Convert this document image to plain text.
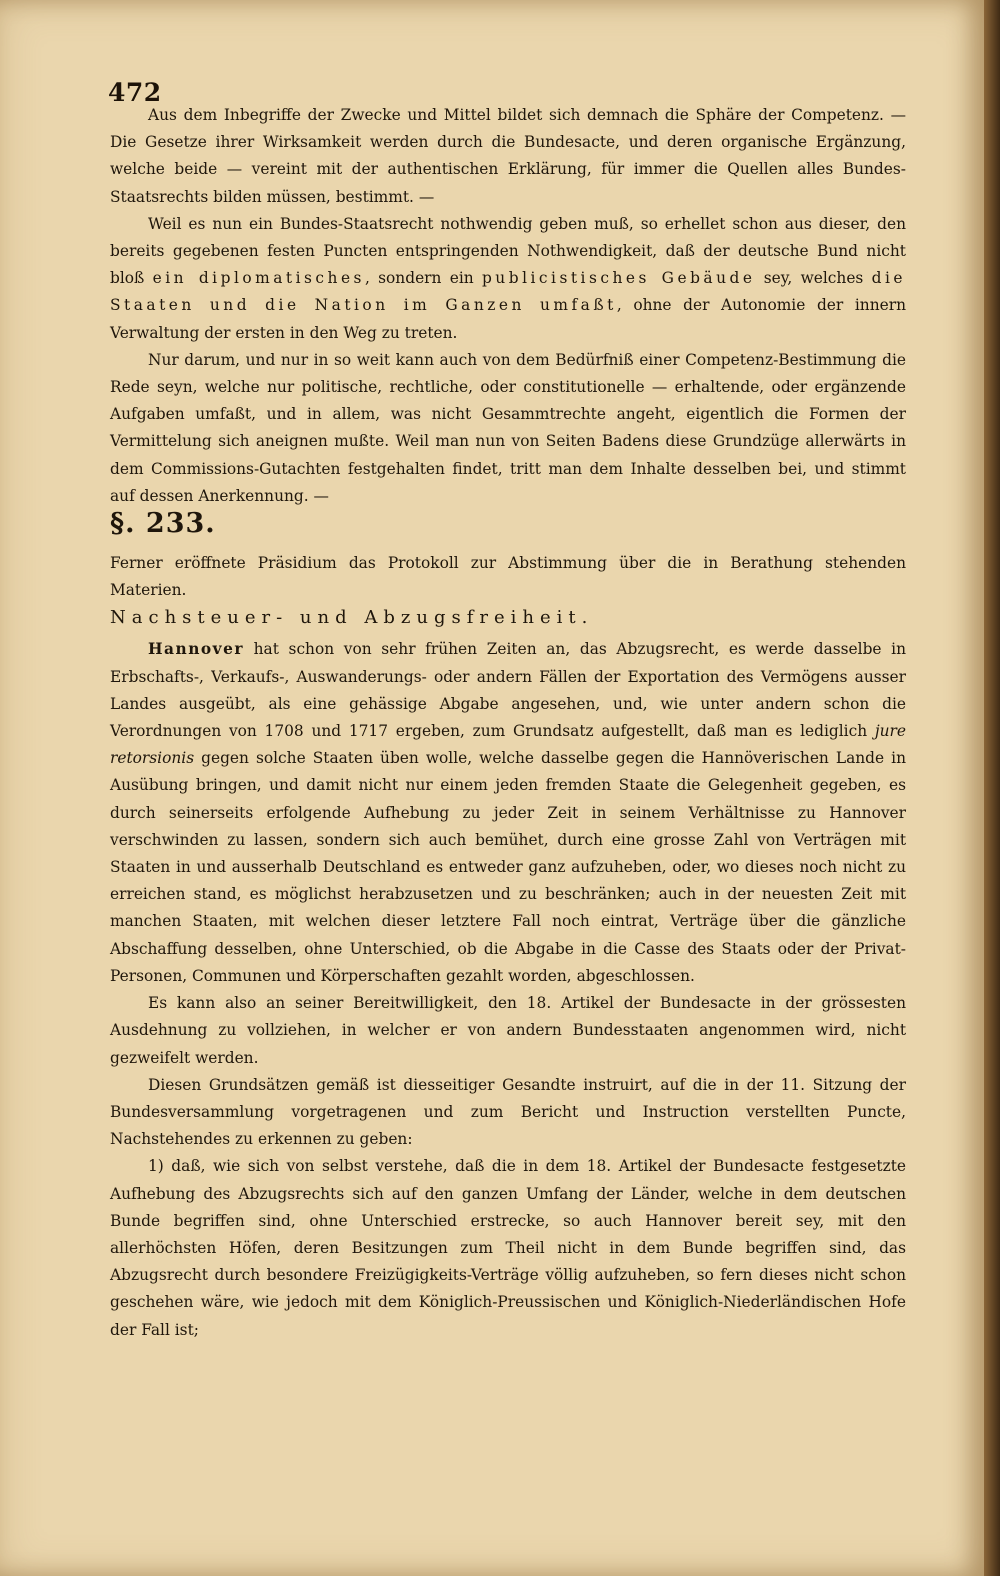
472

Aus dem Inbegriffe der Zwecke und Mittel bildet sich demnach die Sphäre der Competenz. — Die Gesetze ihrer Wirksamkeit werden durch die Bundesacte, und deren organische Ergänzung, welche beide — vereint mit der authentischen Erklärung, für immer die Quellen alles Bundes-Staatsrechts bilden müssen, bestimmt. —

Weil es nun ein Bundes-Staatsrecht nothwendig geben muß, so erhellet schon aus dieser, den bereits gegebenen festen Puncten entspringenden Nothwendigkeit, daß der deutsche Bund nicht bloß ein diplomatisches, sondern ein publicistisches Gebäude sey, welches die Staaten und die Nation im Ganzen umfaßt, ohne der Autonomie der innern Verwaltung der ersten in den Weg zu treten.

Nur darum, und nur in so weit kann auch von dem Bedürfniß einer Competenz-Bestimmung die Rede seyn, welche nur politische, rechtliche, oder constitutionelle — erhaltende, oder ergänzende Aufgaben umfaßt, und in allem, was nicht Gesammtrechte angeht, eigentlich die Formen der Vermittelung sich aneignen mußte. Weil man nun von Seiten Badens diese Grundzüge allerwärts in dem Commissions-Gutachten festgehalten findet, tritt man dem Inhalte desselben bei, und stimmt auf dessen Anerkennung. —

§. 233.

Ferner eröffnete Präsidium das Protokoll zur Abstimmung über die in Berathung stehenden Materien.

Nachsteuer- und Abzugsfreiheit.

Hannover hat schon von sehr frühen Zeiten an, das Abzugsrecht, es werde dasselbe in Erbschafts-, Verkaufs-, Auswanderungs- oder andern Fällen der Exportation des Vermögens ausser Landes ausgeübt, als eine gehässige Abgabe angesehen, und, wie unter andern schon die Verordnungen von 1708 und 1717 ergeben, zum Grundsatz aufgestellt, daß man es lediglich jure retorsionis gegen solche Staaten üben wolle, welche dasselbe gegen die Hannöverischen Lande in Ausübung bringen, und damit nicht nur einem jeden fremden Staate die Gelegenheit gegeben, es durch seinerseits erfolgende Aufhebung zu jeder Zeit in seinem Verhältnisse zu Hannover verschwinden zu lassen, sondern sich auch bemühet, durch eine grosse Zahl von Verträgen mit Staaten in und ausserhalb Deutschland es entweder ganz aufzuheben, oder, wo dieses noch nicht zu erreichen stand, es möglichst herabzusetzen und zu beschränken; auch in der neuesten Zeit mit manchen Staaten, mit welchen dieser letztere Fall noch eintrat, Verträge über die gänzliche Abschaffung desselben, ohne Unterschied, ob die Abgabe in die Casse des Staats oder der Privat-Personen, Communen und Körperschaften gezahlt worden, abgeschlossen.

Es kann also an seiner Bereitwilligkeit, den 18. Artikel der Bundesacte in der grössesten Ausdehnung zu vollziehen, in welcher er von andern Bundesstaaten angenommen wird, nicht gezweifelt werden.

Diesen Grundsätzen gemäß ist diesseitiger Gesandte instruirt, auf die in der 11. Sitzung der Bundesversammlung vorgetragenen und zum Bericht und Instruction verstellten Puncte, Nachstehendes zu erkennen zu geben:

1) daß, wie sich von selbst verstehe, daß die in dem 18. Artikel der Bundesacte festgesetzte Aufhebung des Abzugsrechts sich auf den ganzen Umfang der Länder, welche in dem deutschen Bunde begriffen sind, ohne Unterschied erstrecke, so auch Hannover bereit sey, mit den allerhöchsten Höfen, deren Besitzungen zum Theil nicht in dem Bunde begriffen sind, das Abzugsrecht durch besondere Freizügigkeits-Verträge völlig aufzuheben, so fern dieses nicht schon geschehen wäre, wie jedoch mit dem Königlich-Preussischen und Königlich-Niederländischen Hofe der Fall ist;
